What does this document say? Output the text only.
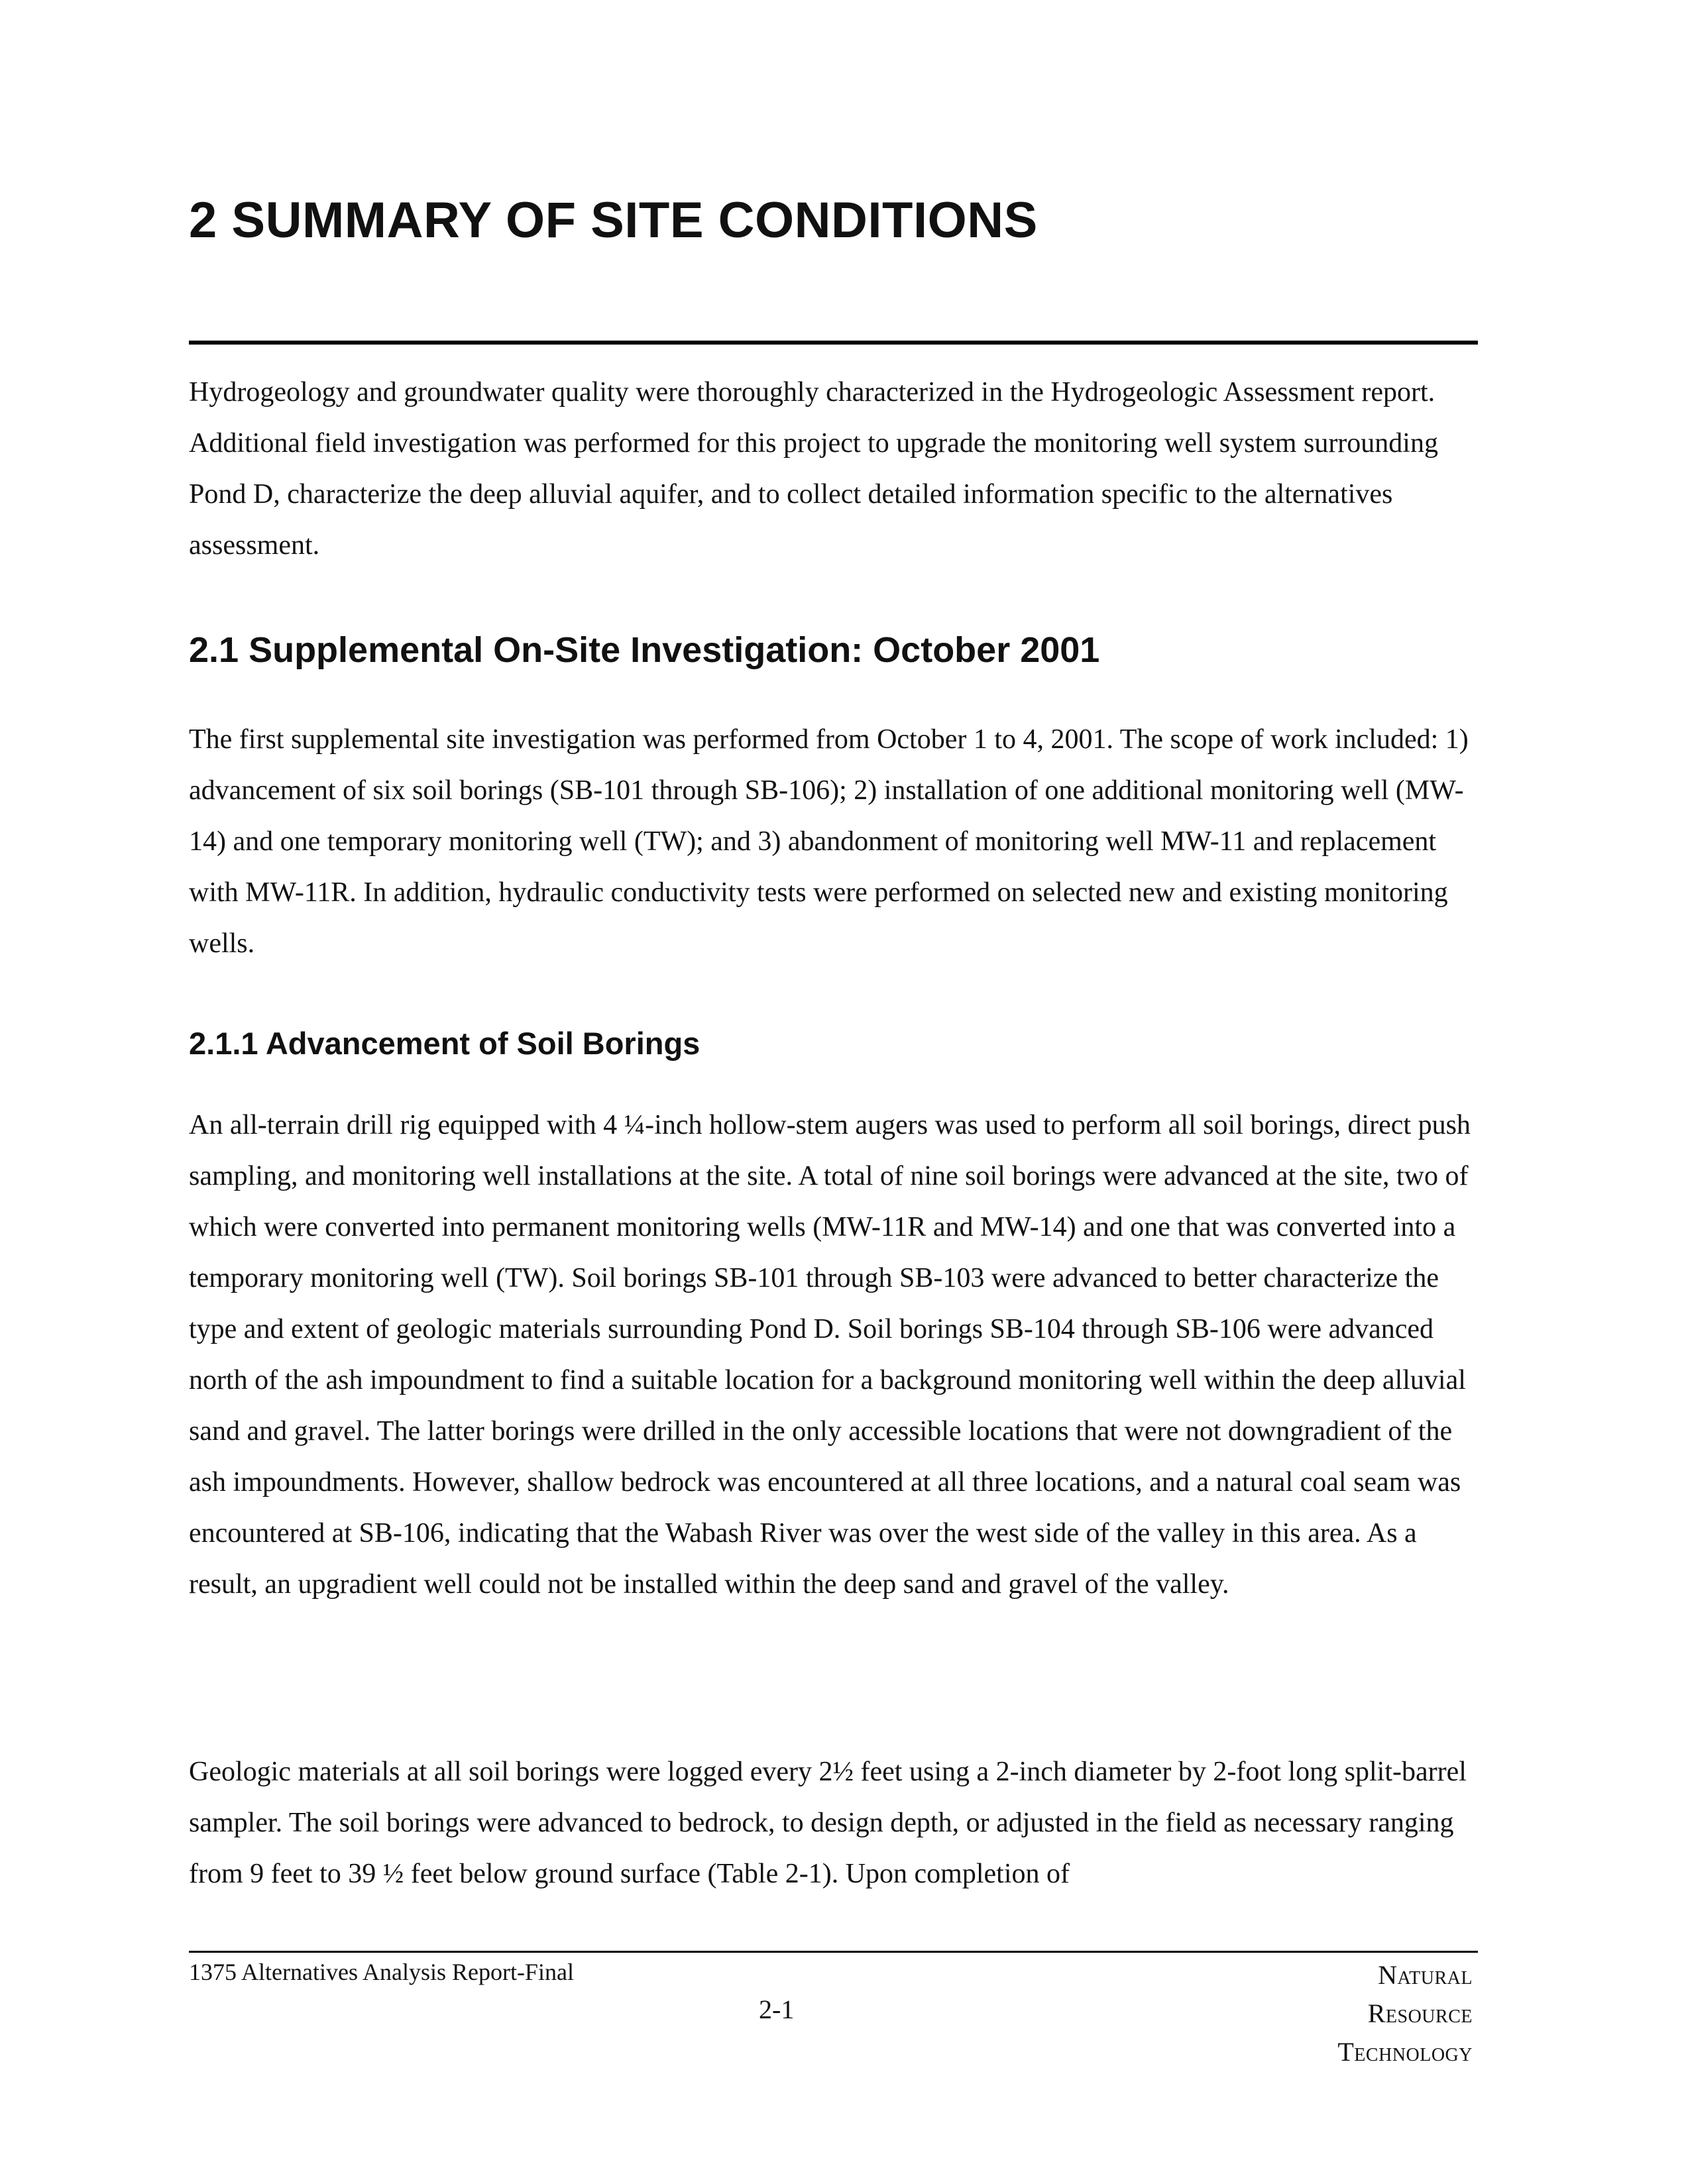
2 SUMMARY OF SITE CONDITIONS

Hydrogeology and groundwater quality were thoroughly characterized in the Hydrogeologic Assessment report. Additional field investigation was performed for this project to upgrade the monitoring well system surrounding Pond D, characterize the deep alluvial aquifer, and to collect detailed information specific to the alternatives assessment.

2.1 Supplemental On-Site Investigation: October 2001

The first supplemental site investigation was performed from October 1 to 4, 2001. The scope of work included: 1) advancement of six soil borings (SB-101 through SB-106); 2) installation of one additional monitoring well (MW-14) and one temporary monitoring well (TW); and 3) abandonment of monitoring well MW-11 and replacement with MW-11R. In addition, hydraulic conductivity tests were performed on selected new and existing monitoring wells.

2.1.1 Advancement of Soil Borings

An all-terrain drill rig equipped with 4 ¼-inch hollow-stem augers was used to perform all soil borings, direct push sampling, and monitoring well installations at the site. A total of nine soil borings were advanced at the site, two of which were converted into permanent monitoring wells (MW-11R and MW-14) and one that was converted into a temporary monitoring well (TW). Soil borings SB-101 through SB-103 were advanced to better characterize the type and extent of geologic materials surrounding Pond D. Soil borings SB-104 through SB-106 were advanced north of the ash impoundment to find a suitable location for a background monitoring well within the deep alluvial sand and gravel. The latter borings were drilled in the only accessible locations that were not downgradient of the ash impoundments. However, shallow bedrock was encountered at all three locations, and a natural coal seam was encountered at SB-106, indicating that the Wabash River was over the west side of the valley in this area. As a result, an upgradient well could not be installed within the deep sand and gravel of the valley.

Geologic materials at all soil borings were logged every 2½ feet using a 2-inch diameter by 2-foot long split-barrel sampler. The soil borings were advanced to bedrock, to design depth, or adjusted in the field as necessary ranging from 9 feet to 39 ½ feet below ground surface (Table 2-1). Upon completion of

1375 Alternatives Analysis Report-Final
2-1
Natural
Resource
Technology
